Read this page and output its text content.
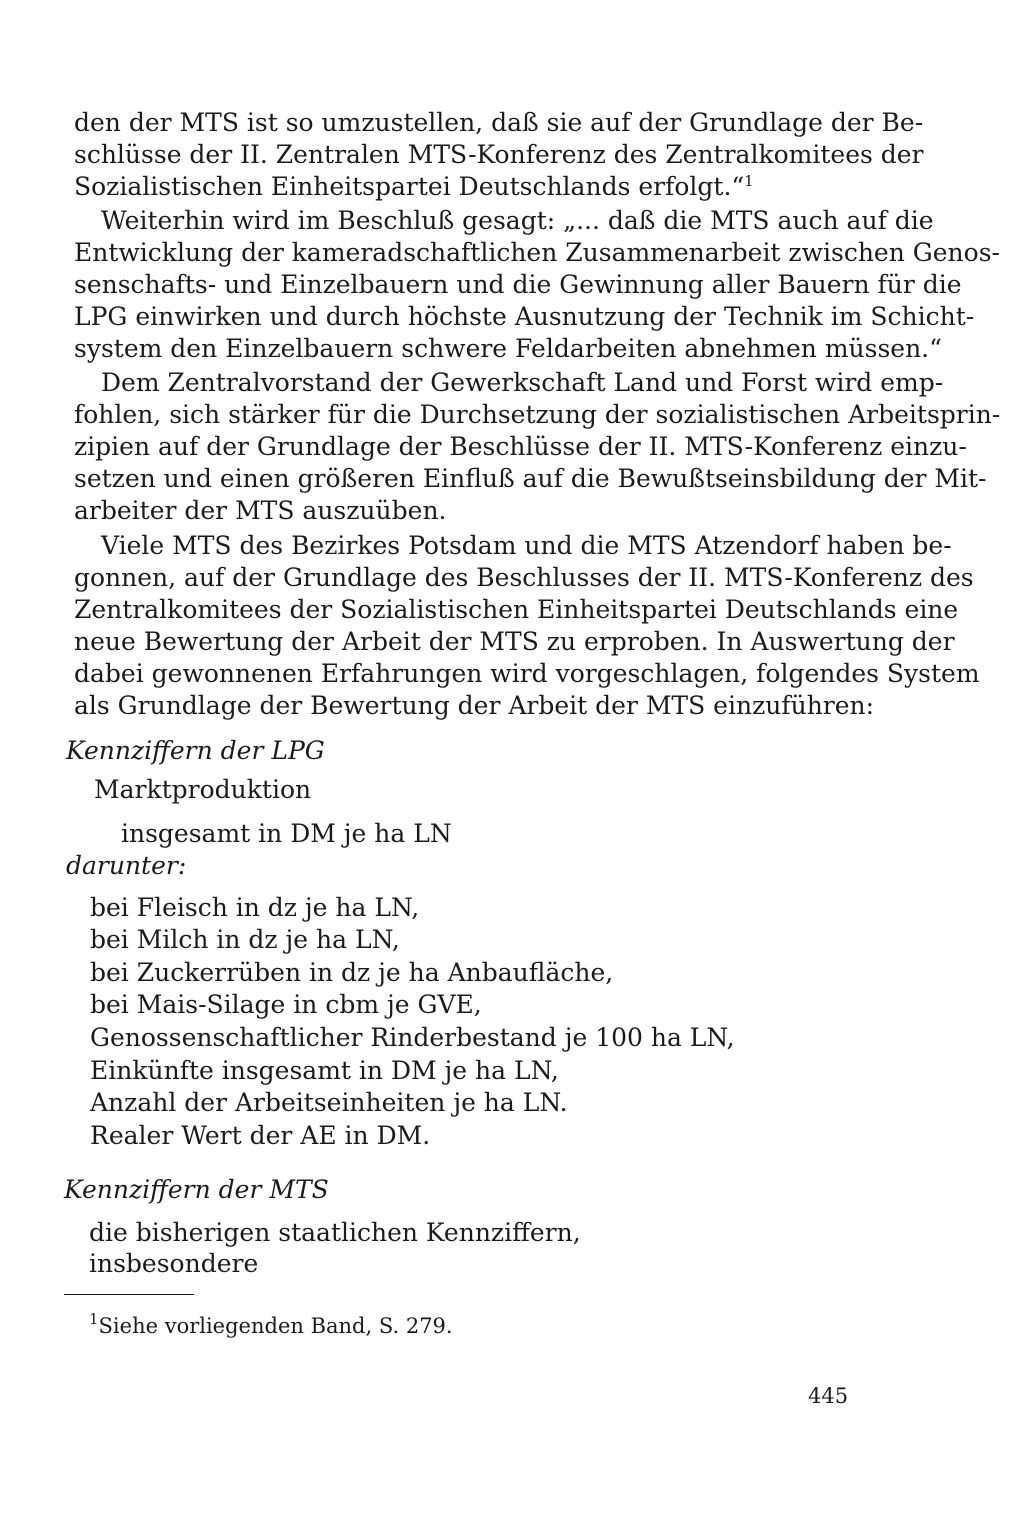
den der MTS ist so umzustellen, daß sie auf der Grundlage der Be-
schlüsse der II. Zentralen MTS-Konferenz des Zentralkomitees der
Sozialistischen Einheitspartei Deutschlands erfolgt.“$^1$
Weiterhin wird im Beschluß gesagt: „... daß die MTS auch auf die
Entwicklung der kameradschaftlichen Zusammenarbeit zwischen Genos-
senschafts- und Einzelbauern und die Gewinnung aller Bauern für die
LPG einwirken und durch höchste Ausnutzung der Technik im Schicht-
system den Einzelbauern schwere Feldarbeiten abnehmen müssen.“
Dem Zentralvorstand der Gewerkschaft Land und Forst wird emp-
fohlen, sich stärker für die Durchsetzung der sozialistischen Arbeitsprin-
zipien auf der Grundlage der Beschlüsse der II. MTS-Konferenz einzu-
setzen und einen größeren Einfluß auf die Bewußtseinsbildung der Mit-
arbeiter der MTS auszuüben.
Viele MTS des Bezirkes Potsdam und die MTS Atzendorf haben be-
gonnen, auf der Grundlage des Beschlusses der II. MTS-Konferenz des
Zentralkomitees der Sozialistischen Einheitspartei Deutschlands eine
neue Bewertung der Arbeit der MTS zu erproben. In Auswertung der
dabei gewonnenen Erfahrungen wird vorgeschlagen, folgendes System
als Grundlage der Bewertung der Arbeit der MTS einzuführen:
Kennziffern der LPG
Marktproduktion
insgesamt in DM je ha LN
darunter:
bei Fleisch in dz je ha LN,
bei Milch in dz je ha LN,
bei Zuckerrüben in dz je ha Anbaufläche,
bei Mais-Silage in cbm je GVE,
Genossenschaftlicher Rinderbestand je 100 ha LN,
Einkünfte insgesamt in DM je ha LN,
Anzahl der Arbeitseinheiten je ha LN.
Realer Wert der AE in DM.
Kennziffern der MTS
die bisherigen staatlichen Kennziffern,
insbesondere
$^1$Siehe vorliegenden Band, S. 279.
445
